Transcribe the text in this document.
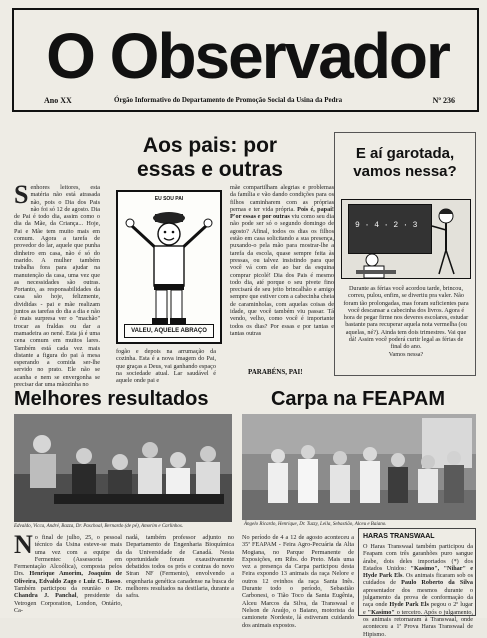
O Observador
Ano XX	Órgão Informativo do Departamento de Promoção Social da Usina da Pedra	Nº 236
Aos pais: por
essas e outras
Senhores leitores, esta matéria não está atrasada não, pois o Dia dos Pais não foi só 12 de agosto. Dia de Pai é todo dia, assim como o dia da Mãe, da Criança... Hoje, Pai e Mãe tem muito mais em comum. Agora a tarefa de provedor do lar, aquele que punha dinheiro em casa, não é só do marido. A mulher também trabalha fora para ajudar na manutenção da casa, uma vez que as necessidades são outras. Portanto, as responsabilidades da casa são hoje, felizmente, divididas - pai e mãe realizam juntos as tarefas do dia a dia e não é mais surpresa ver o "machão" trocar as fraldas ou dar a mamadeira ao nené. Esta já é uma cena comum em muitos lares. Também está cada vez mais distante a figura do pai à mesa esperando a comida ser-lhe servido no prato. Ele não se acanha e nem se envergonha se precisar dar uma mãozinha no
EU SOU PAI
VALEU, AQUELE ABRAÇO
fogão e depois na arrumação da cozinha. Esta é a nova imagem do Pai, que graças a Deus, vai ganhando espaço na sociedade atual. Lar saudável é aquele onde pai e
mãe compartilham alegrias e problemas da família e vão dando condições para os filhos caminharem com as próprias pernas e ter vida própria. Pois é, papai! P'or essas e por outras viu como seu dia não pode ser só o segundo domingo de agosto? Afinal, todos os dias os filhos estão em casa solicitando a sua presença, puxando-o pela mão para mostrar-lhe a tarefa da escola, quase sempre feita às pressas, ou talvez insistindo para que você vá com ele ao bar da esquina comprar picolé! Dia dos Pais é mesmo todo dia, até porque o seu pivete fino precisará de seu jeito brincalhão e amigo sempre que estiver com a cabecinha cheia de caraminholas, com aquelas coisas de idade, que você também viu passar. Tá vendo, velho, como você é importante todos os dias? Por essas e por tantas e tantas outras
PARABÉNS, PAI!
E aí garotada,
vamos nessa?
9 · 4 · 2 · 3
Durante as férias você acordou tarde, brincou, correu, pulou, enfim, se divertiu pra valer. Não foram tão prolongadas, mas foram suficientes para você descansar a cabecinha dos livros. Agora é hora de pegar firme nos deveres escolares, estudar bastante para recuperar aquela nota vermelha (ou aquelas, né?). Ainda tem dois trimestres. Vai que dá! Assim você poderá curtir legal as férias de final do ano.
Vamos nessa?
Melhores resultados
Edvaldo, Vicca, André, Bazza, Dr. Paschoal, Bernardo (de pé), Amorim e Carlinhos.
No final de julho, 25, o pessoal técnico da Usina esteve-se mais uma vez com a equipe da Fermentec (Assessoria em Fermentação Alcoólica), composta pelos Drs. Henrique Amorim, Joaquim de Oliveira, Edvaldo Zago e Luiz C. Basso. Também participou da reunião o Dr. Chandra J. Panchal, presidente da Vetrogen Corporation, London, Ontário, Ca-
nadá, também professor adjunto no Departamento de Engenharia Bioquímica da Universidade de Canadá. Nesta oportunidade foram exaustivamente debatidos todos os prós e contras do novo Stran NF (Fermento), envolvendo a engenharia genética canadense na busca de melhores resultados na destilaria, durante a safra.
Carpa na FEAPAM
Ângelo Ricardo, Henrique, Dr. Tuzzy, Leila, Sebastião, Alceu e Baiano.
No período de 4 a 12 de agosto aconteceu a 35ª FEAPAM - Feira Agro-Pecuária da Alta Mogiana, no Parque Permanente de Exposições, em Ribs. do Preto. Mais uma vez a presença da Carpa participou desta Feira expondo 13 animais da raça Nelore e outros 12 ovinhos da raça Santa Inês. Durante todo o período, Sebastião Carbonesi, o Tião Toco da Santa Eugênia, Alceu Marcos da Silva, da Transwaal e Nelson de Araújo, o Baiano, motorista da camionete Nordeste, lá estiveram cuidando dos animais expostos.
HARAS TRANSWAAL
O Haras Transwaal também participou da Feapam com três garanhões puro sangue árabe, dois deles importados (*) dos Estados Unidos: "Kasimo", "Nihar" e Hyde Park Els. Os animais ficaram sob os cuidados de Paulo Roberto da Silva apresentador dos mesmos durante o julgamento da prova de conformação da raça onde Hyde Park Els pegou o 2º lugar e "Kasimo" o terceiro. Após o julgamento, os animais retornaram à Transwaal, onde aconteceu a 1ª Prova Haras Transwaal de Hipismo.
